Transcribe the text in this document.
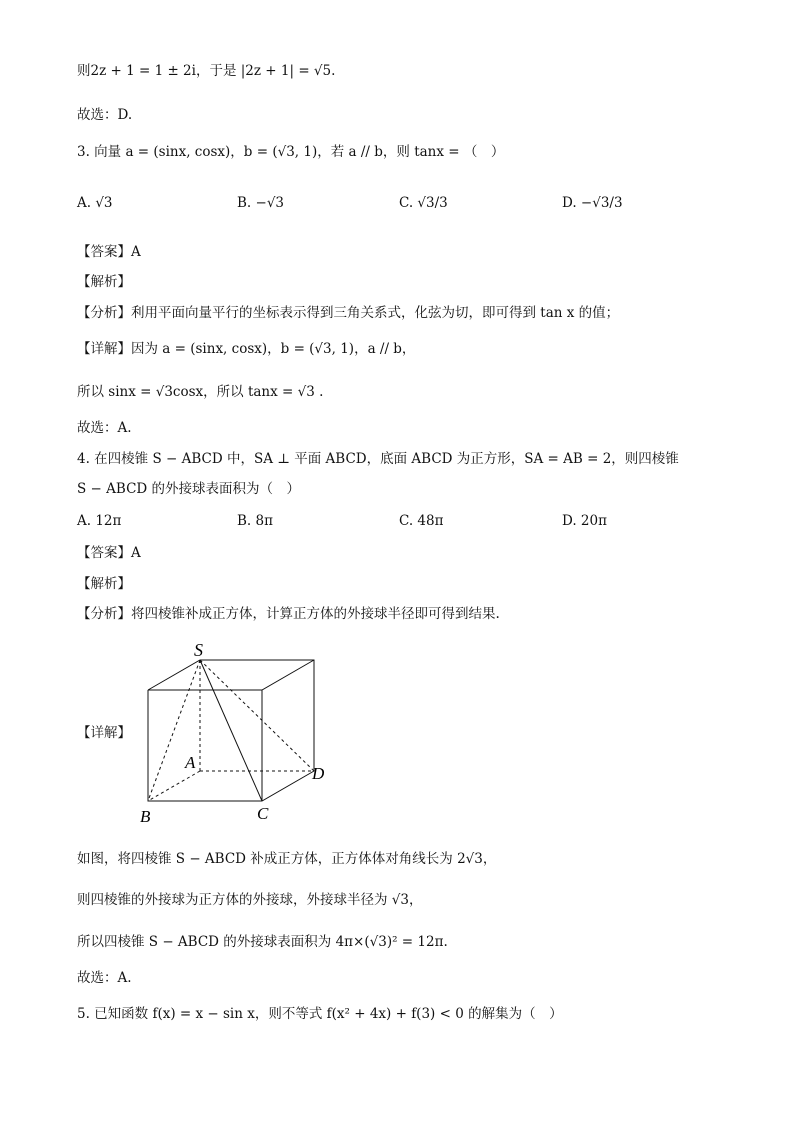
则2z + 1 = 1 ± 2i，于是 |2z + 1| = √5.
故选：D.
3. 向量 a = (sinx, cosx)，b = (√3, 1)，若 a // b，则 tanx = （　）
A. √3	B. −√3	C. √3/3	D. −√3/3
【答案】A
【解析】
【分析】利用平面向量平行的坐标表示得到三角关系式，化弦为切，即可得到 tan x 的值；
【详解】因为 a = (sinx, cosx)，b = (√3, 1)，a // b，
所以 sinx = √3cosx，所以 tanx = √3 .
故选：A.
4. 在四棱锥 S − ABCD 中，SA ⊥ 平面 ABCD，底面 ABCD 为正方形，SA = AB = 2，则四棱锥
S − ABCD 的外接球表面积为（　）
A. 12π	B. 8π	C. 48π	D. 20π
【答案】A
【解析】
【分析】将四棱锥补成正方体，计算正方体的外接球半径即可得到结果.
【详解】
S
A
B	C
D
如图，将四棱锥 S − ABCD 补成正方体，正方体体对角线长为 2√3，
则四棱锥的外接球为正方体的外接球，外接球半径为 √3，
所以四棱锥 S − ABCD 的外接球表面积为 4π×(√3)² = 12π.
故选：A.
5. 已知函数 f(x) = x − sin x，则不等式 f(x² + 4x) + f(3) < 0 的解集为（　）
